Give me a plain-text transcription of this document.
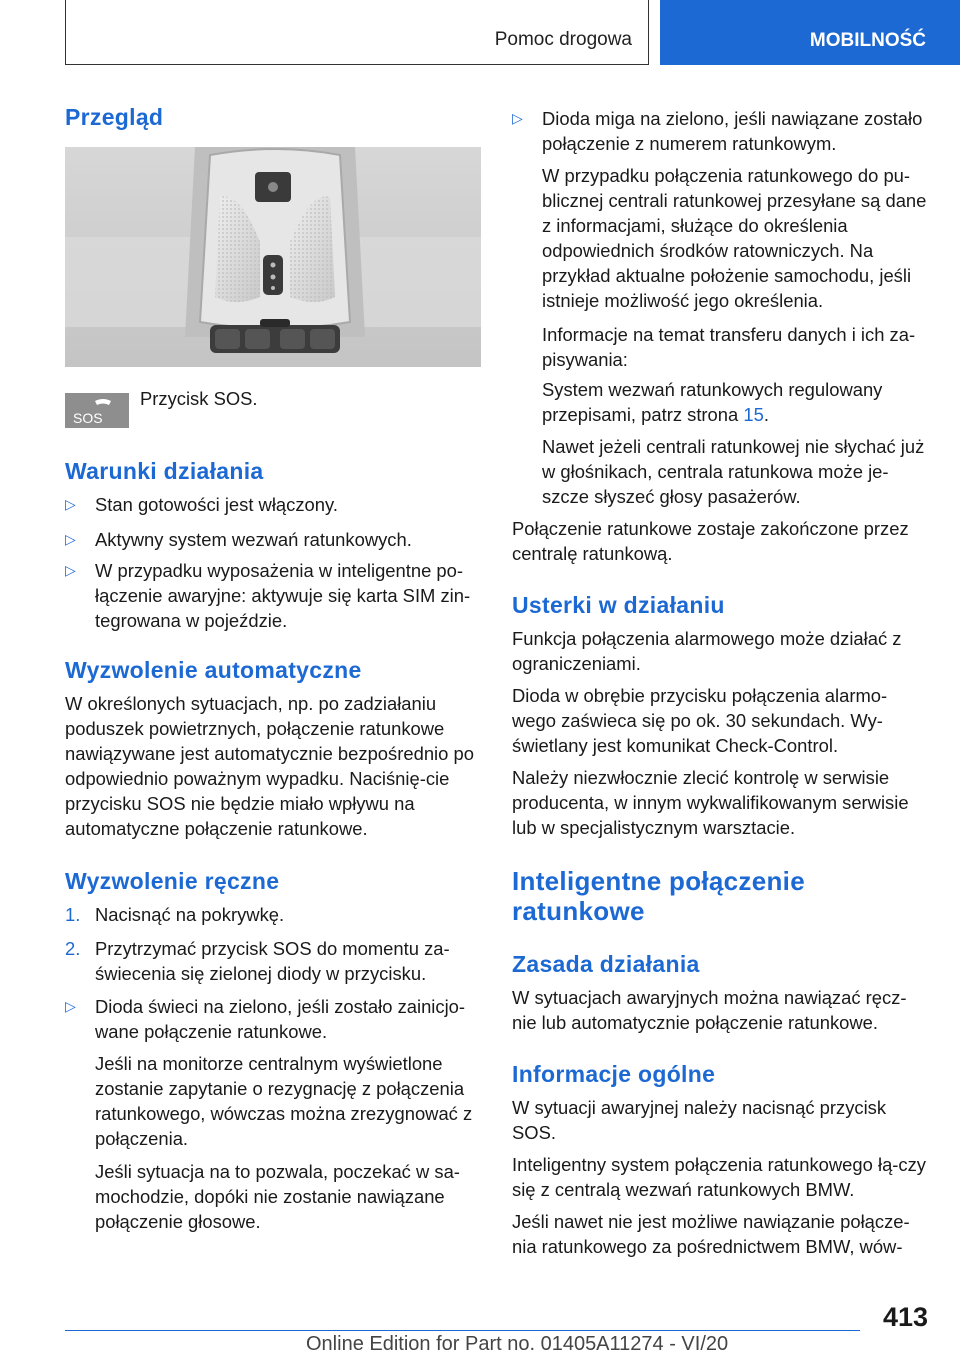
Pomoc drogowa	MOBILNOŚĆ
Przegląd
SOS
Przycisk SOS.
Warunki działania
▷ Stan gotowości jest włączony.
▷ Aktywny system wezwań ratunkowych.
▷ W przypadku wyposażenia w inteligentne po-łączenie awaryjne: aktywuje się karta SIM zin-tegrowana w pojeździe.
Wyzwolenie automatyczne
W określonych sytuacjach, np. po zadziałaniu poduszek powietrznych, połączenie ratunkowe nawiązywane jest automatycznie bezpośrednio po odpowiednio poważnym wypadku. Naciśnię-cie przycisku SOS nie będzie miało wpływu na automatyczne połączenie ratunkowe.
Wyzwolenie ręczne
1. Nacisnąć na pokrywkę.
2. Przytrzymać przycisk SOS do momentu za-świecenia się zielonej diody w przycisku.
▷ Dioda świeci na zielono, jeśli zostało zainicjo-wane połączenie ratunkowe.
Jeśli na monitorze centralnym wyświetlone zostanie zapytanie o rezygnację z połączenia ratunkowego, wówczas można zrezygnować z połączenia.
Jeśli sytuacja na to pozwala, poczekać w sa-mochodzie, dopóki nie zostanie nawiązane połączenie głosowe.
▷ Dioda miga na zielono, jeśli nawiązane zostało połączenie z numerem ratunkowym.
W przypadku połączenia ratunkowego do pu-blicznej centrali ratunkowej przesyłane są dane z informacjami, służące do określenia odpowiednich środków ratowniczych. Na przykład aktualne położenie samochodu, jeśli istnieje możliwość jego określenia.
Informacje na temat transferu danych i ich za-pisywania:
System wezwań ratunkowych regulowany przepisami, patrz strona 15.
Nawet jeżeli centrali ratunkowej nie słychać już w głośnikach, centrala ratunkowa może je-szcze słyszeć głosy pasażerów.
Połączenie ratunkowe zostaje zakończone przez centralę ratunkową.
Usterki w działaniu
Funkcja połączenia alarmowego może działać z ograniczeniami.
Dioda w obrębie przycisku połączenia alarmo-wego zaświeca się po ok. 30 sekundach. Wy-świetlany jest komunikat Check-Control.
Należy niezwłocznie zlecić kontrolę w serwisie producenta, w innym wykwalifikowanym serwisie lub w specjalistycznym warsztacie.
Inteligentne połączenie
ratunkowe
Zasada działania
W sytuacjach awaryjnych można nawiązać ręcz-nie lub automatycznie połączenie ratunkowe.
Informacje ogólne
W sytuacji awaryjnej należy nacisnąć przycisk SOS.
Inteligentny system połączenia ratunkowego łą-czy się z centralą wezwań ratunkowych BMW.
Jeśli nawet nie jest możliwe nawiązanie połącze-nia ratunkowego za pośrednictwem BMW, wów-
413
Online Edition for Part no. 01405A11274 - VI/20
